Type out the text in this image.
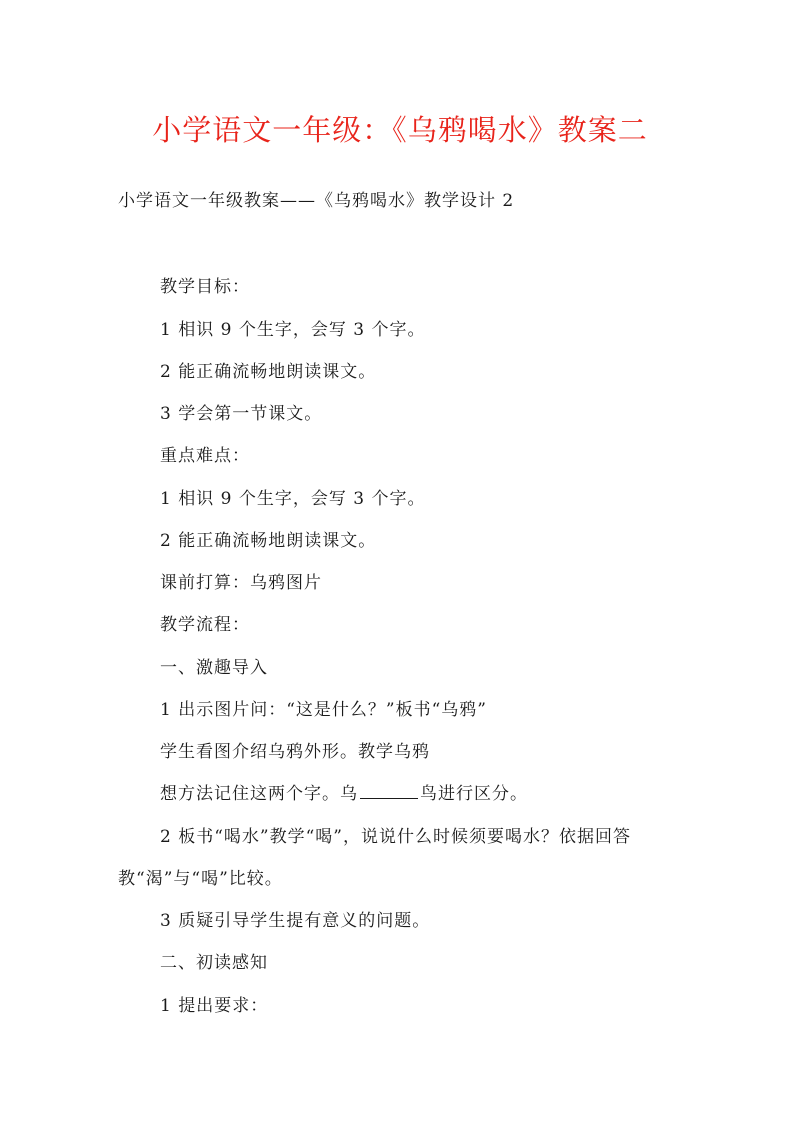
小学语文一年级：《乌鸦喝水》教案二
小学语文一年级教案——《乌鸦喝水》教学设计 2
教学目标：
1 相识 9 个生字，会写 3 个字。
2 能正确流畅地朗读课文。
3 学会第一节课文。
重点难点：
1 相识 9 个生字，会写 3 个字。
2 能正确流畅地朗读课文。
课前打算：乌鸦图片
教学流程：
一、激趣导入
1 出示图片问：“这是什么？”板书“乌鸦”
学生看图介绍乌鸦外形。教学乌鸦
想方法记住这两个字。乌	鸟进行区分。
2 板书“喝水”教学“喝”，说说什么时候须要喝水？依据回答
教“渴”与“喝”比较。
3 质疑引导学生提有意义的问题。
二、初读感知
1 提出要求：
